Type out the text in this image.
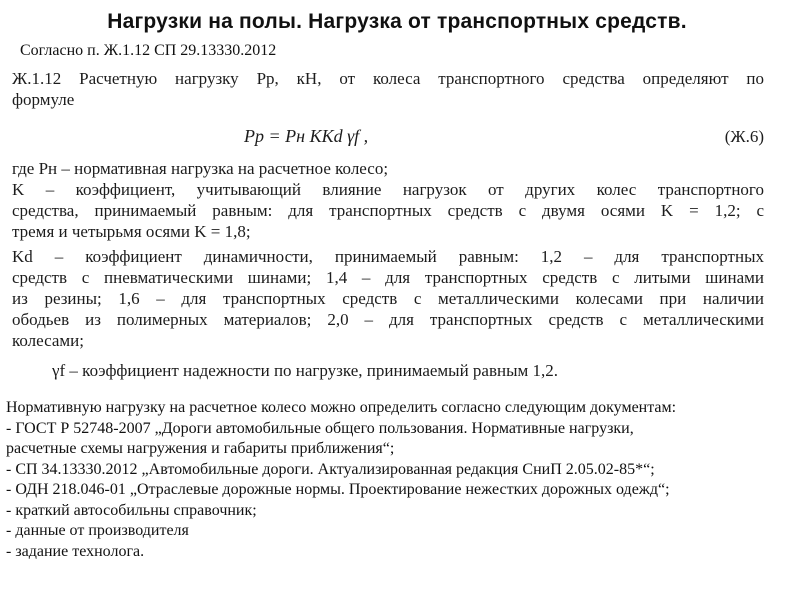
Нагрузки на полы. Нагрузка от транспортных средств.
Согласно п. Ж.1.12 СП 29.13330.2012
Ж.1.12 Расчетную нагрузку Pр, кН, от колеса транспортного средства определяют по
формуле
Pр = Pн KKd γf ,	(Ж.6)
где Pн – нормативная нагрузка на расчетное колесо;
K – коэффициент, учитывающий влияние нагрузок от других колес транспортного
средства, принимаемый равным: для транспортных средств с двумя осями K = 1,2; с
тремя и четырьмя осями K = 1,8;
Kd – коэффициент динамичности, принимаемый равным: 1,2 – для транспортных
средств с пневматическими шинами; 1,4 – для транспортных средств с литыми шинами
из резины; 1,6 – для транспортных средств с металлическими колесами при наличии
ободьев из полимерных материалов; 2,0 – для транспортных средств с металлическими
колесами;
γf – коэффициент надежности по нагрузке, принимаемый равным 1,2.
Нормативную нагрузку на расчетное колесо можно определить согласно следующим документам:
- ГОСТ Р 52748-2007 „Дороги автомобильные общего пользования. Нормативные нагрузки,
расчетные схемы нагружения и габариты приближения“;
- СП 34.13330.2012 „Автомобильные дороги. Актуализированная редакция СниП 2.05.02-85*“;
- ОДН 218.046-01 „Отраслевые дорожные нормы. Проектирование нежестких дорожных одежд“;
- краткий автособильны справочник;
- данные от производителя
- задание технолога.
